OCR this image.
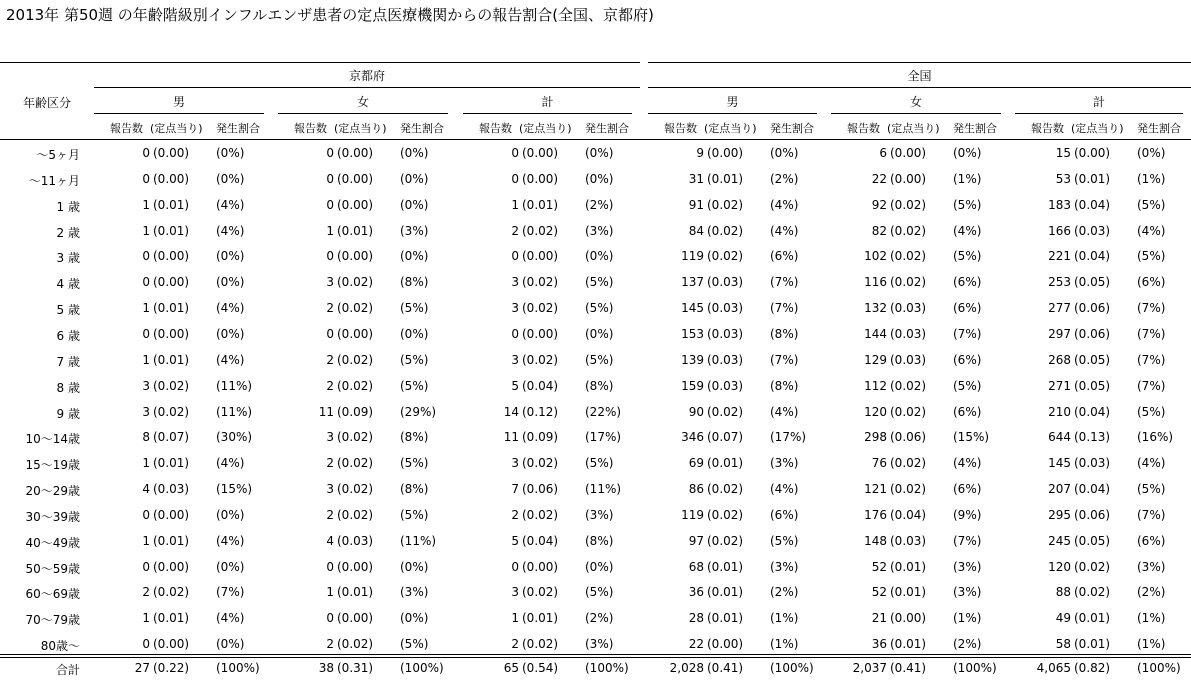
2013年 第50週 の年齢階級別インフルエンザ患者の定点医療機関からの報告割合(全国、京都府)
年齢区分
京都府	全国
男	女	計	男	女	計
報告数 (定点当り) 発生割合	報告数 (定点当り) 発生割合	報告数 (定点当り) 発生割合	報告数 (定点当り) 発生割合	報告数 (定点当り) 発生割合	報告数 (定点当り) 発生割合
〜5ヶ月	0 (0.00) (0%)	0 (0.00) (0%)	0 (0.00) (0%)	9 (0.00) (0%)	6 (0.00) (0%)	15 (0.00) (0%)
〜11ヶ月	0 (0.00) (0%)	0 (0.00) (0%)	0 (0.00) (0%)	31 (0.01) (2%)	22 (0.00) (1%)	53 (0.01) (1%)
1 歳	1 (0.01) (4%)	0 (0.00) (0%)	1 (0.01) (2%)	91 (0.02) (4%)	92 (0.02) (5%)	183 (0.04) (5%)
2 歳	1 (0.01) (4%)	1 (0.01) (3%)	2 (0.02) (3%)	84 (0.02) (4%)	82 (0.02) (4%)	166 (0.03) (4%)
3 歳	0 (0.00) (0%)	0 (0.00) (0%)	0 (0.00) (0%)	119 (0.02) (6%)	102 (0.02) (5%)	221 (0.04) (5%)
4 歳	0 (0.00) (0%)	3 (0.02) (8%)	3 (0.02) (5%)	137 (0.03) (7%)	116 (0.02) (6%)	253 (0.05) (6%)
5 歳	1 (0.01) (4%)	2 (0.02) (5%)	3 (0.02) (5%)	145 (0.03) (7%)	132 (0.03) (6%)	277 (0.06) (7%)
6 歳	0 (0.00) (0%)	0 (0.00) (0%)	0 (0.00) (0%)	153 (0.03) (8%)	144 (0.03) (7%)	297 (0.06) (7%)
7 歳	1 (0.01) (4%)	2 (0.02) (5%)	3 (0.02) (5%)	139 (0.03) (7%)	129 (0.03) (6%)	268 (0.05) (7%)
8 歳	3 (0.02) (11%)	2 (0.02) (5%)	5 (0.04) (8%)	159 (0.03) (8%)	112 (0.02) (5%)	271 (0.05) (7%)
9 歳	3 (0.02) (11%)	11 (0.09) (29%)	14 (0.12) (22%)	90 (0.02) (4%)	120 (0.02) (6%)	210 (0.04) (5%)
10〜14歳	8 (0.07) (30%)	3 (0.02) (8%)	11 (0.09) (17%)	346 (0.07) (17%)	298 (0.06) (15%)	644 (0.13) (16%)
15〜19歳	1 (0.01) (4%)	2 (0.02) (5%)	3 (0.02) (5%)	69 (0.01) (3%)	76 (0.02) (4%)	145 (0.03) (4%)
20〜29歳	4 (0.03) (15%)	3 (0.02) (8%)	7 (0.06) (11%)	86 (0.02) (4%)	121 (0.02) (6%)	207 (0.04) (5%)
30〜39歳	0 (0.00) (0%)	2 (0.02) (5%)	2 (0.02) (3%)	119 (0.02) (6%)	176 (0.04) (9%)	295 (0.06) (7%)
40〜49歳	1 (0.01) (4%)	4 (0.03) (11%)	5 (0.04) (8%)	97 (0.02) (5%)	148 (0.03) (7%)	245 (0.05) (6%)
50〜59歳	0 (0.00) (0%)	0 (0.00) (0%)	0 (0.00) (0%)	68 (0.01) (3%)	52 (0.01) (3%)	120 (0.02) (3%)
60〜69歳	2 (0.02) (7%)	1 (0.01) (3%)	3 (0.02) (5%)	36 (0.01) (2%)	52 (0.01) (3%)	88 (0.02) (2%)
70〜79歳	1 (0.01) (4%)	0 (0.00) (0%)	1 (0.01) (2%)	28 (0.01) (1%)	21 (0.00) (1%)	49 (0.01) (1%)
80歳〜	0 (0.00) (0%)	2 (0.02) (5%)	2 (0.02) (3%)	22 (0.00) (1%)	36 (0.01) (2%)	58 (0.01) (1%)
合計	27 (0.22) (100%)	38 (0.31) (100%)	65 (0.54) (100%)	2,028 (0.41) (100%)	2,037 (0.41) (100%)	4,065 (0.82) (100%)
